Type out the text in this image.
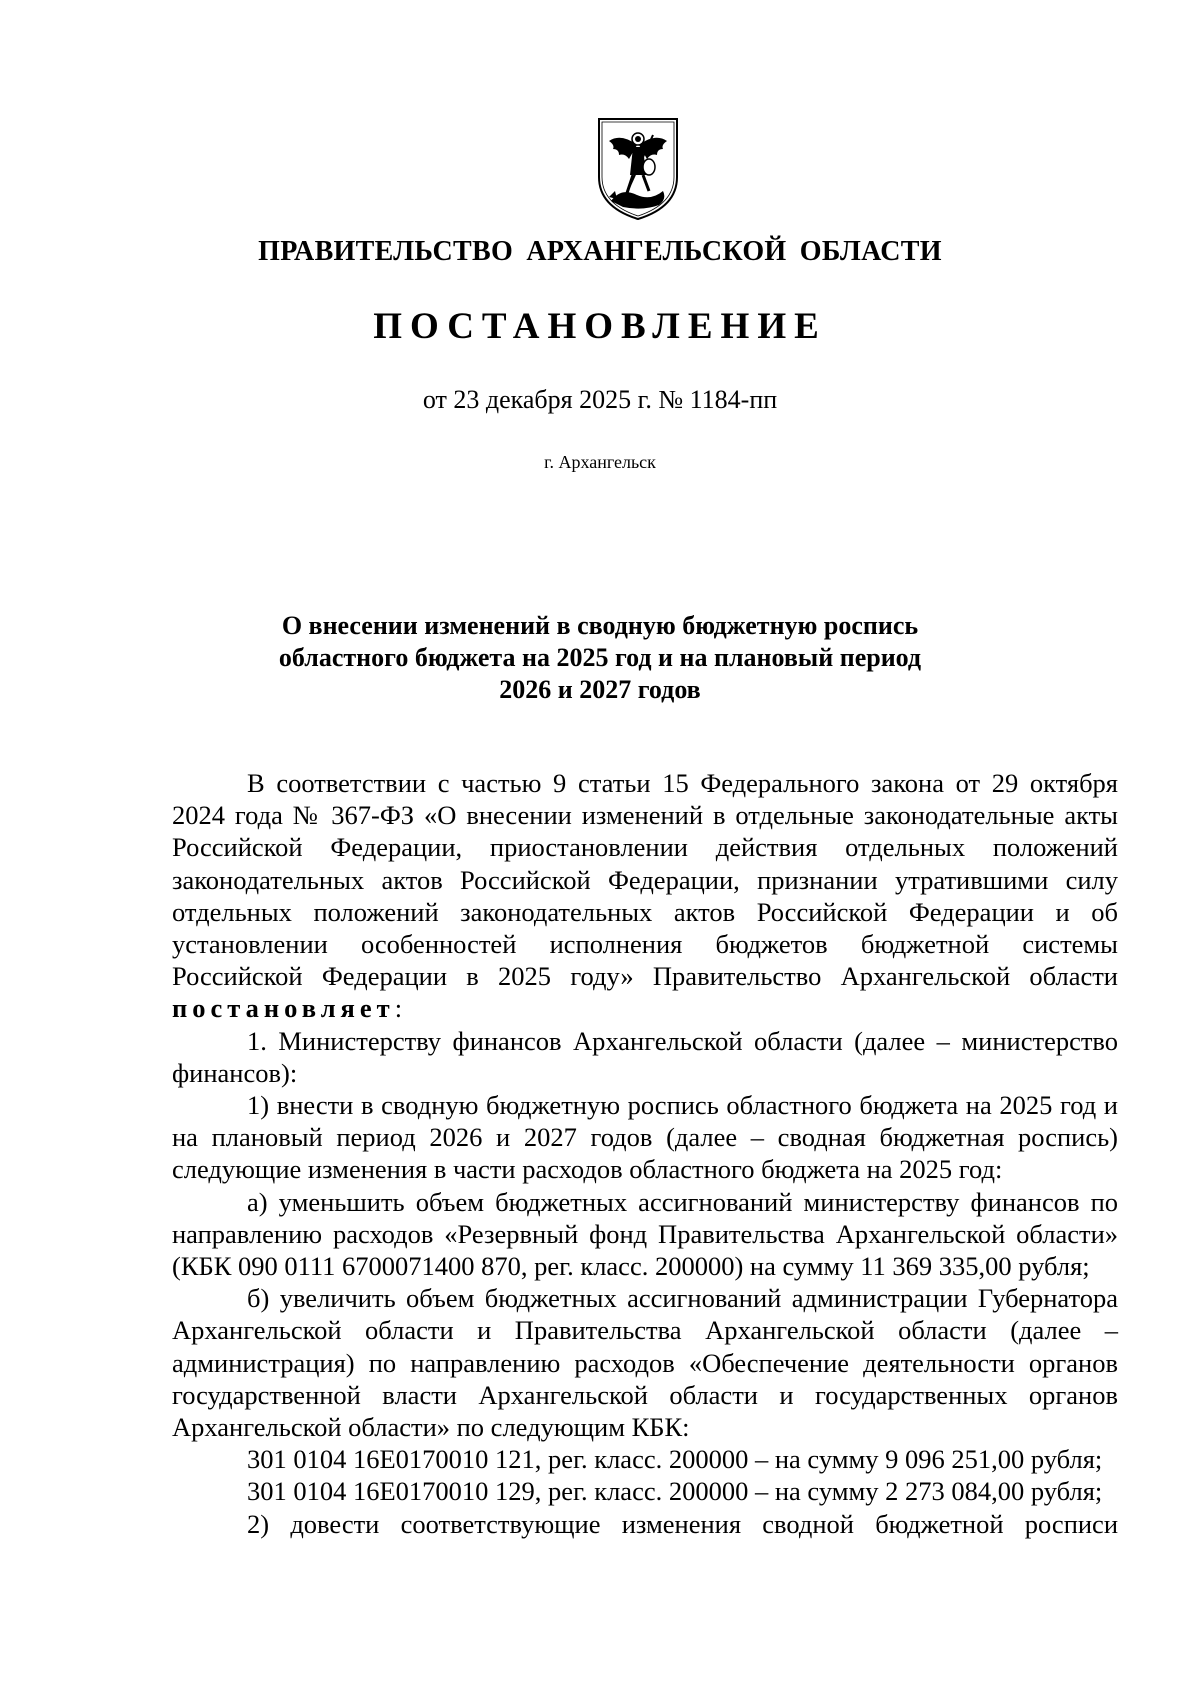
ПРАВИТЕЛЬСТВО АРХАНГЕЛЬСКОЙ ОБЛАСТИ
ПОСТАНОВЛЕНИЕ
от 23 декабря 2025 г. № 1184-пп
г. Архангельск
О внесении изменений в сводную бюджетную роспись
областного бюджета на 2025 год и на плановый период
2026 и 2027 годов

В соответствии с частью 9 статьи 15 Федерального закона от 29 октября 2024 года № 367-ФЗ «О внесении изменений в отдельные законодательные акты Российской Федерации, приостановлении действия отдельных положений законодательных актов Российской Федерации, признании утратившими силу отдельных положений законодательных актов Российской Федерации и об установлении особенностей исполнения бюджетов бюджетной системы Российской Федерации в 2025 году» Правительство Архангельской области постановляет:

1. Министерству финансов Архангельской области (далее – министерство финансов):

1) внести в сводную бюджетную роспись областного бюджета на 2025 год и на плановый период 2026 и 2027 годов (далее – сводная бюджетная роспись) следующие изменения в части расходов областного бюджета на 2025 год:

а) уменьшить объем бюджетных ассигнований министерству финансов по направлению расходов «Резервный фонд Правительства Архангельской области» (КБК 090 0111 6700071400 870, рег. класс. 200000) на сумму 11 369 335,00 рубля;

б) увеличить объем бюджетных ассигнований администрации Губернатора Архангельской области и Правительства Архангельской области (далее – администрация) по направлению расходов «Обеспечение деятельности органов государственной власти Архангельской области и государственных органов Архангельской области» по следующим КБК:

301 0104 16Е0170010 121, рег. класс. 200000 – на сумму 9 096 251,00 рубля;

301 0104 16Е0170010 129, рег. класс. 200000 – на сумму 2 273 084,00 рубля;

2) довести соответствующие изменения сводной бюджетной росписи
